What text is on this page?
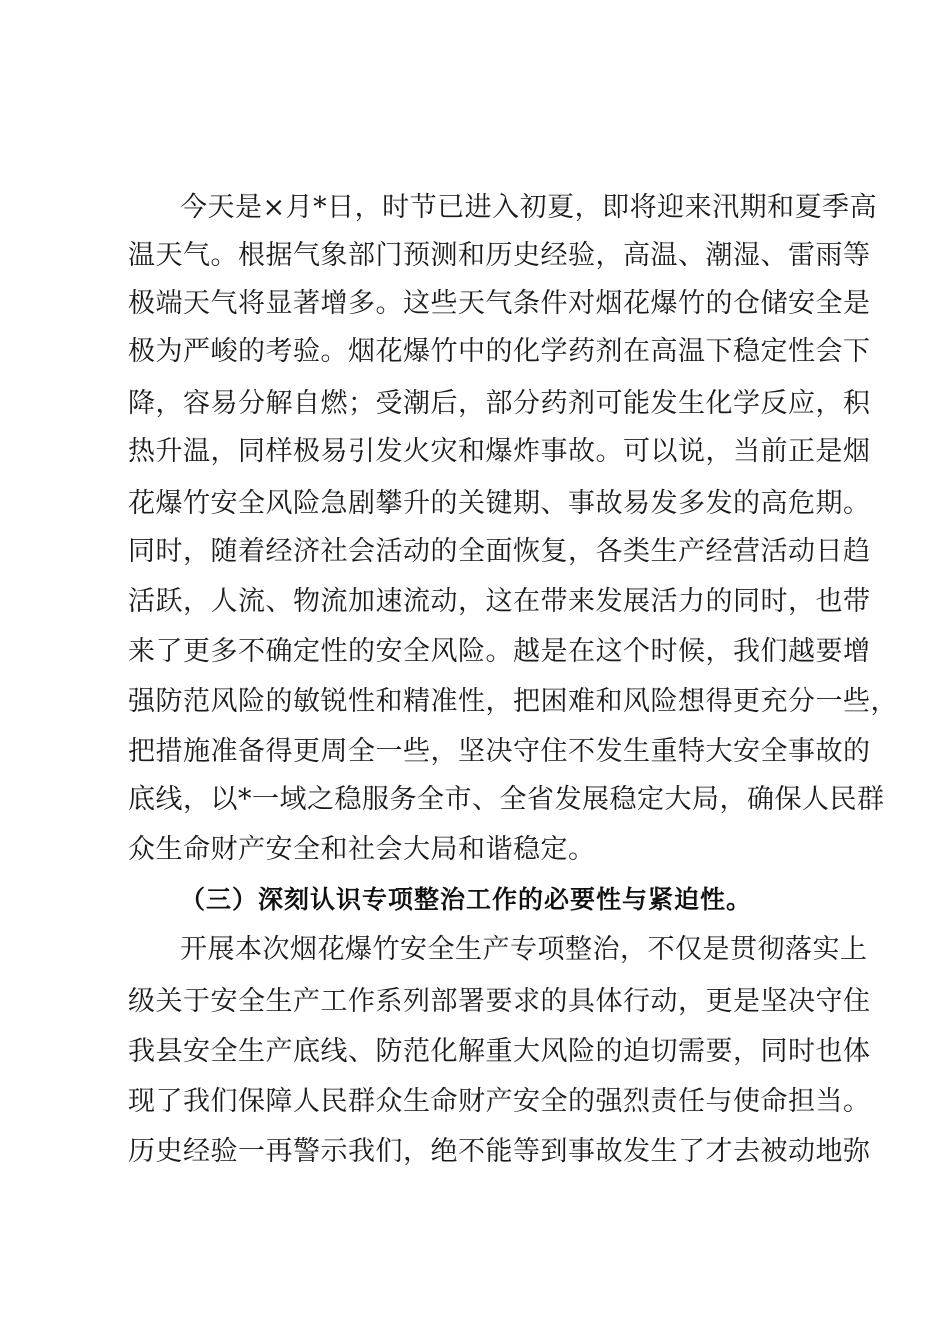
今天是×月*日，时节已进入初夏，即将迎来汛期和夏季高

温天气。根据气象部门预测和历史经验，高温、潮湿、雷雨等

极端天气将显著增多。这些天气条件对烟花爆竹的仓储安全是

极为严峻的考验。烟花爆竹中的化学药剂在高温下稳定性会下

降，容易分解自燃；受潮后，部分药剂可能发生化学反应，积

热升温，同样极易引发火灾和爆炸事故。可以说，当前正是烟

花爆竹安全风险急剧攀升的关键期、事故易发多发的高危期。

同时，随着经济社会活动的全面恢复，各类生产经营活动日趋

活跃，人流、物流加速流动，这在带来发展活力的同时，也带

来了更多不确定性的安全风险。越是在这个时候，我们越要增

强防范风险的敏锐性和精准性，把困难和风险想得更充分一些，

把措施准备得更周全一些，坚决守住不发生重特大安全事故的

底线，以*一域之稳服务全市、全省发展稳定大局，确保人民群

众生命财产安全和社会大局和谐稳定。

（三）深刻认识专项整治工作的必要性与紧迫性。

开展本次烟花爆竹安全生产专项整治，不仅是贯彻落实上

级关于安全生产工作系列部署要求的具体行动，更是坚决守住

我县安全生产底线、防范化解重大风险的迫切需要，同时也体

现了我们保障人民群众生命财产安全的强烈责任与使命担当。

历史经验一再警示我们，绝不能等到事故发生了才去被动地弥
